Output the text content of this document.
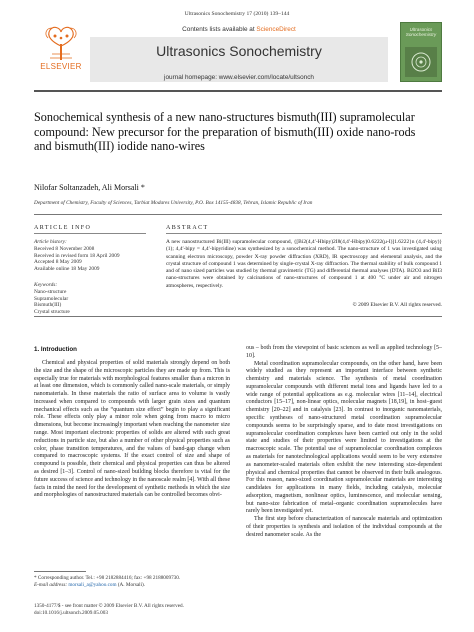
Ultrasonics Sonochemistry 17 (2010) 139–144
ELSEVIER
Contents lists available at ScienceDirect
Ultrasonics Sonochemistry
journal homepage: www.elsevier.com/locate/ultsonch
Ultrasonics Sonochemistry
Sonochemical synthesis of a new nano-structures bismuth(III) supramolecular compound: New precursor for the preparation of bismuth(III) oxide nano-rods and bismuth(III) iodide nano-wires
Nilofar Soltanzadeh, Ali Morsali *
Department of Chemistry, Faculty of Sciences, Tarbiat Modares University, P.O. Box 14155-4838, Tehran, Islamic Republic of Iran
ARTICLE INFO	ABSTRACT
Article history:
Received 8 November 2008
Received in revised form 18 April 2009
Accepted 8 May 2009
Available online 18 May 2009
Keywords:
Nano-structure
Supramolecular
Bismuth(III)
Crystal structure
A new nanostructured Bi(III) supramolecular compound, {[Bi2(4,4′-Hbipy)2I8(4,4′-Hbipy)0.6222(μ-I)]1.6222}n (4,4′-bipy)}(1); 4,4′-bipy = 4,4′-bipyridine) was synthesized by a sonochemical method. The nano-structure of 1 was investigated using scanning electron microscopy, powder X-ray powder diffraction (XRD), IR spectroscopy and elemental analysis, and the crystal structure of compound 1 was determined by single-crystal X-ray diffraction. The thermal stability of bulk compound 1 and of nano sized particles was studied by thermal gravimetric (TG) and differential thermal analyses (DTA). Bi2O3 and BiI3 nano-structures were obtained by calcinations of nano-structures of compound 1 at 400 °C under air and nitrogen atmospheres, respectively.
© 2009 Elsevier B.V. All rights reserved.
1. Introduction

Chemical and physical properties of solid materials strongly depend on both the size and the shape of the microscopic particles they are made up from. This is especially true for materials with morphological features smaller than a micron in at least one dimension, which is commonly called nano-scale materials, or simply nanomaterials. In these materials the ratio of surface area to volume is vastly increased when compared to compounds with larger grain sizes and quantum mechanical effects such as the “quantum size effect” begin to play a significant role. These effects only play a minor role when going from macro to micro dimensions, but become increasingly important when reaching the nanometer size range. Most important electronic properties of solids are altered with such great reductions in particle size, but also a number of other physical properties such as color, phase transition temperatures, and the values of band-gap change when compared to macroscopic systems. If the exact control of size and shape of compound is possible, their chemical and physical properties can thus be altered as desired [1–3]. Control of nano-sized building blocks therefore is vital for the future success of science and technology in the nanoscale realm [4]. With all these facts in mind the need for the development of synthetic methods in which the size and morphologies of nanostructured materials can be controlled becomes obvi-

ous – both from the viewpoint of basic sciences as well as applied technology [5–10].

Metal coordination supramolecular compounds, on the other hand, have been widely studied as they represent an important interface between synthetic chemistry and materials science. The synthesis of metal coordination supramolecular compounds with different metal ions and ligands have led to a wide range of potential applications as e.g. molecular wires [11–14], electrical conductors [15–17], non-linear optics, molecular magnets [18,19], in host–guest chemistry [20–22] and in catalysis [23]. In contrast to inorganic nanomaterials, specific syntheses of nano-structured metal coordination supramolecular compounds seems to be surprisingly sparse, and to date most investigations on supramolecular coordination complexes have been carried out only in the solid state and studies of their properties were limited to investigations at the macroscopic scale. The potential use of supramolecular coordination complexes as materials for nanotechnological applications would seem to be very extensive as nanometer-scaled materials often exhibit the new interesting size-dependent physical and chemical properties that cannot be observed in their bulk analogous. For this reason, nano-sized coordination supramolecular materials are interesting candidates for applications in many fields, including catalysis, molecular adsorption, magnetism, nonlinear optics, luminescence, and molecular sensing, but nano-size fabrication of metal–organic coordination supramolecules have rarely been investigated yet.

The first step before characterization of nanoscale materials and optimization of their properties is synthesis and isolation of the individual compounds at the desired nanometer scale. As the

* Corresponding author. Tel.: +98 2182884416; fax: +98 2188009730.
E-mail address: morsali_a@yahoo.com (A. Morsali).
1350-4177/$ - see front matter © 2009 Elsevier B.V. All rights reserved.
doi:10.1016/j.ultsonch.2009.05.003
